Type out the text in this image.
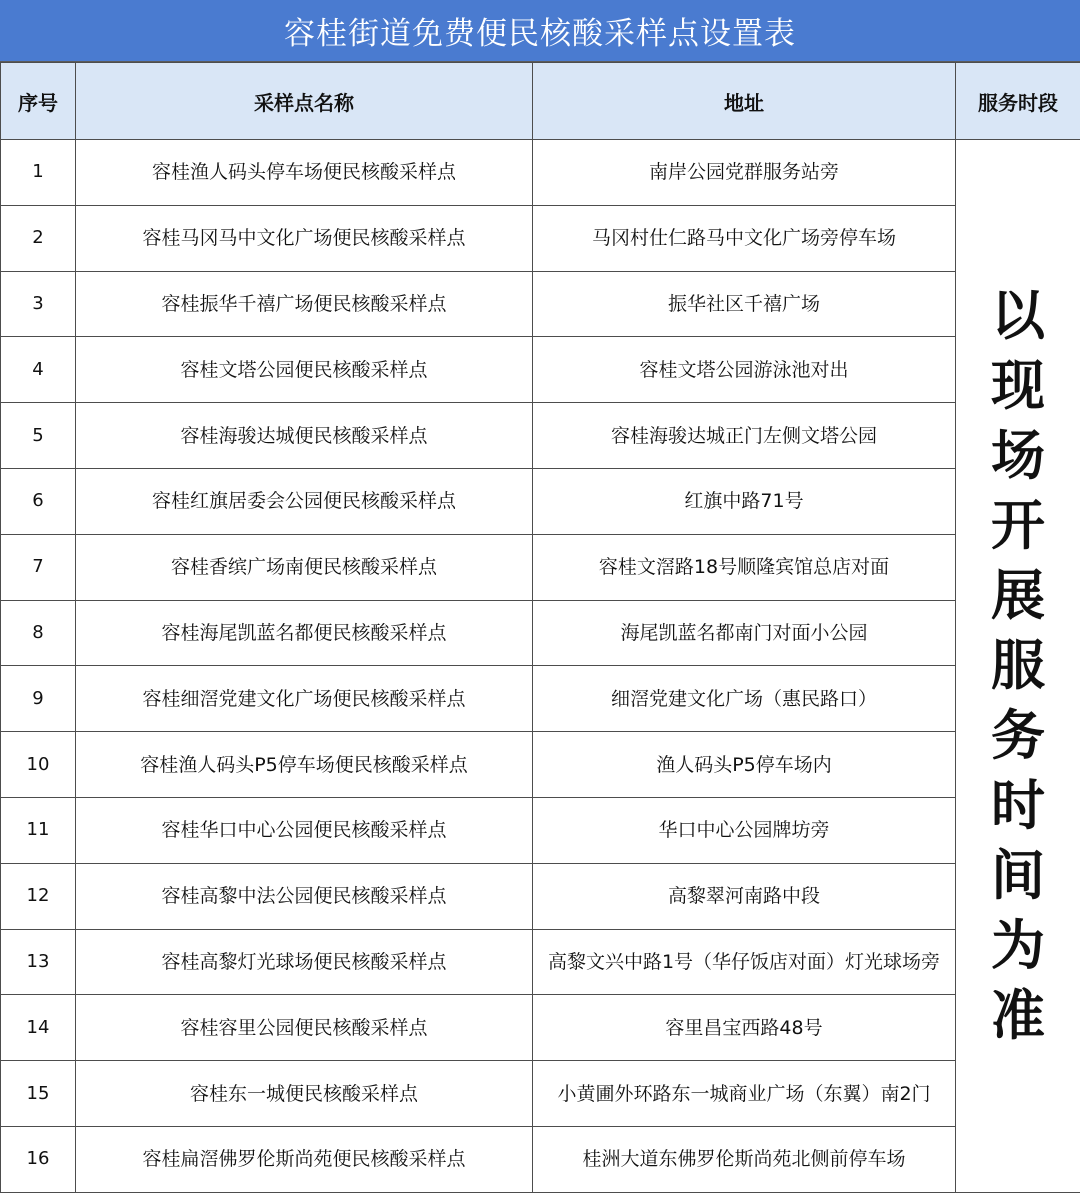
容桂街道免费便民核酸采样点设置表
序号	采样点名称	地址	服务时段
1	容桂渔人码头停车场便民核酸采样点	南岸公园党群服务站旁	以现场开展服务时间为准
2	容桂马冈马中文化广场便民核酸采样点	马冈村仕仁路马中文化广场旁停车场	
3	容桂振华千禧广场便民核酸采样点	振华社区千禧广场	
4	容桂文塔公园便民核酸采样点	容桂文塔公园游泳池对出	
5	容桂海骏达城便民核酸采样点	容桂海骏达城正门左侧文塔公园	
6	容桂红旗居委会公园便民核酸采样点	红旗中路71号	
7	容桂香缤广场南便民核酸采样点	容桂文滘路18号顺隆宾馆总店对面	
8	容桂海尾凯蓝名都便民核酸采样点	海尾凯蓝名都南门对面小公园	
9	容桂细滘党建文化广场便民核酸采样点	细滘党建文化广场（惠民路口）	
10	容桂渔人码头P5停车场便民核酸采样点	渔人码头P5停车场内	
11	容桂华口中心公园便民核酸采样点	华口中心公园牌坊旁	
12	容桂高黎中法公园便民核酸采样点	高黎翠河南路中段	
13	容桂高黎灯光球场便民核酸采样点	高黎文兴中路1号（华仔饭店对面）灯光球场旁	
14	容桂容里公园便民核酸采样点	容里昌宝西路48号	
15	容桂东一城便民核酸采样点	小黄圃外环路东一城商业广场（东翼）南2门	
16	容桂扁滘佛罗伦斯尚苑便民核酸采样点	桂洲大道东佛罗伦斯尚苑北侧前停车场	
